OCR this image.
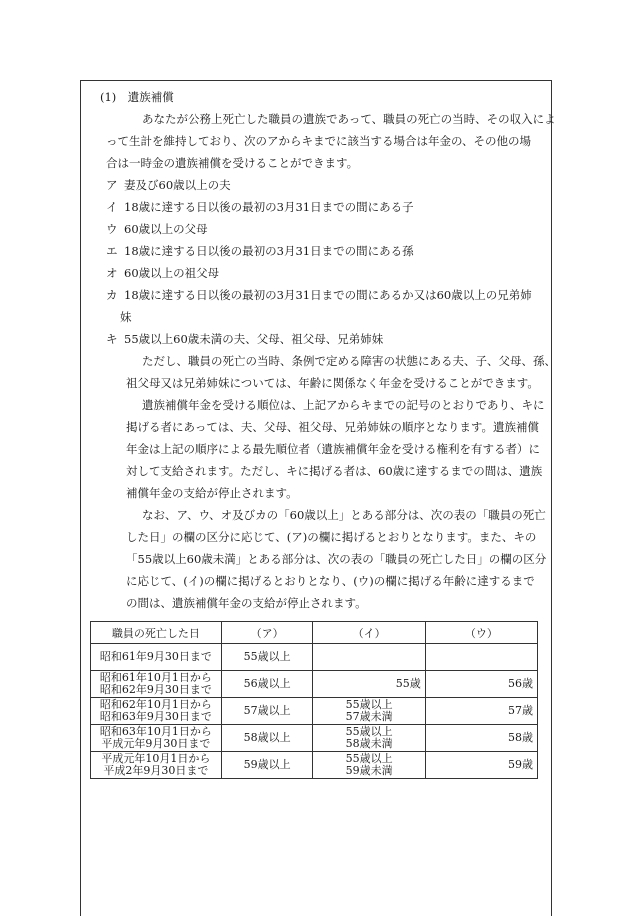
(1)　遺族補償
あなたが公務上死亡した職員の遺族であって、職員の死亡の当時、その収入によ
って生計を維持しており、次のアからキまでに該当する場合は年金の、その他の場
合は一時金の遺族補償を受けることができます。
ア 妻及び60歳以上の夫
イ 18歳に達する日以後の最初の3月31日までの間にある子
ウ 60歳以上の父母
エ 18歳に達する日以後の最初の3月31日までの間にある孫
オ 60歳以上の祖父母
カ 18歳に達する日以後の最初の3月31日までの間にあるか又は60歳以上の兄弟姉
妹
キ 55歳以上60歳未満の夫、父母、祖父母、兄弟姉妹
ただし、職員の死亡の当時、条例で定める障害の状態にある夫、子、父母、孫、
祖父母又は兄弟姉妹については、年齢に関係なく年金を受けることができます。
遺族補償年金を受ける順位は、上記アからキまでの記号のとおりであり、キに
掲げる者にあっては、夫、父母、祖父母、兄弟姉妹の順序となります。遺族補償
年金は上記の順序による最先順位者（遺族補償年金を受ける権利を有する者）に
対して支給されます。ただし、キに掲げる者は、60歳に達するまでの間は、遺族
補償年金の支給が停止されます。
なお、ア、ウ、オ及びカの「60歳以上」とある部分は、次の表の「職員の死亡
した日」の欄の区分に応じて、(ア)の欄に掲げるとおりとなります。また、キの
「55歳以上60歳未満」とある部分は、次の表の「職員の死亡した日」の欄の区分
に応じて、(イ)の欄に掲げるとおりとなり、(ウ)の欄に掲げる年齢に達するまで
の間は、遺族補償年金の支給が停止されます。
職員の死亡した日	（ア）	（イ）	（ウ）

昭和61年9月30日まで	55歳以上		

昭和61年10月1日から
昭和62年9月30日まで	56歳以上	55歳	56歳

昭和62年10月1日から
昭和63年9月30日まで	57歳以上	55歳以上
57歳未満	57歳

昭和63年10月1日から
平成元年9月30日まで	58歳以上	55歳以上
58歳未満	58歳

平成元年10月1日から
平成2年9月30日まで	59歳以上	55歳以上
59歳未満	59歳
